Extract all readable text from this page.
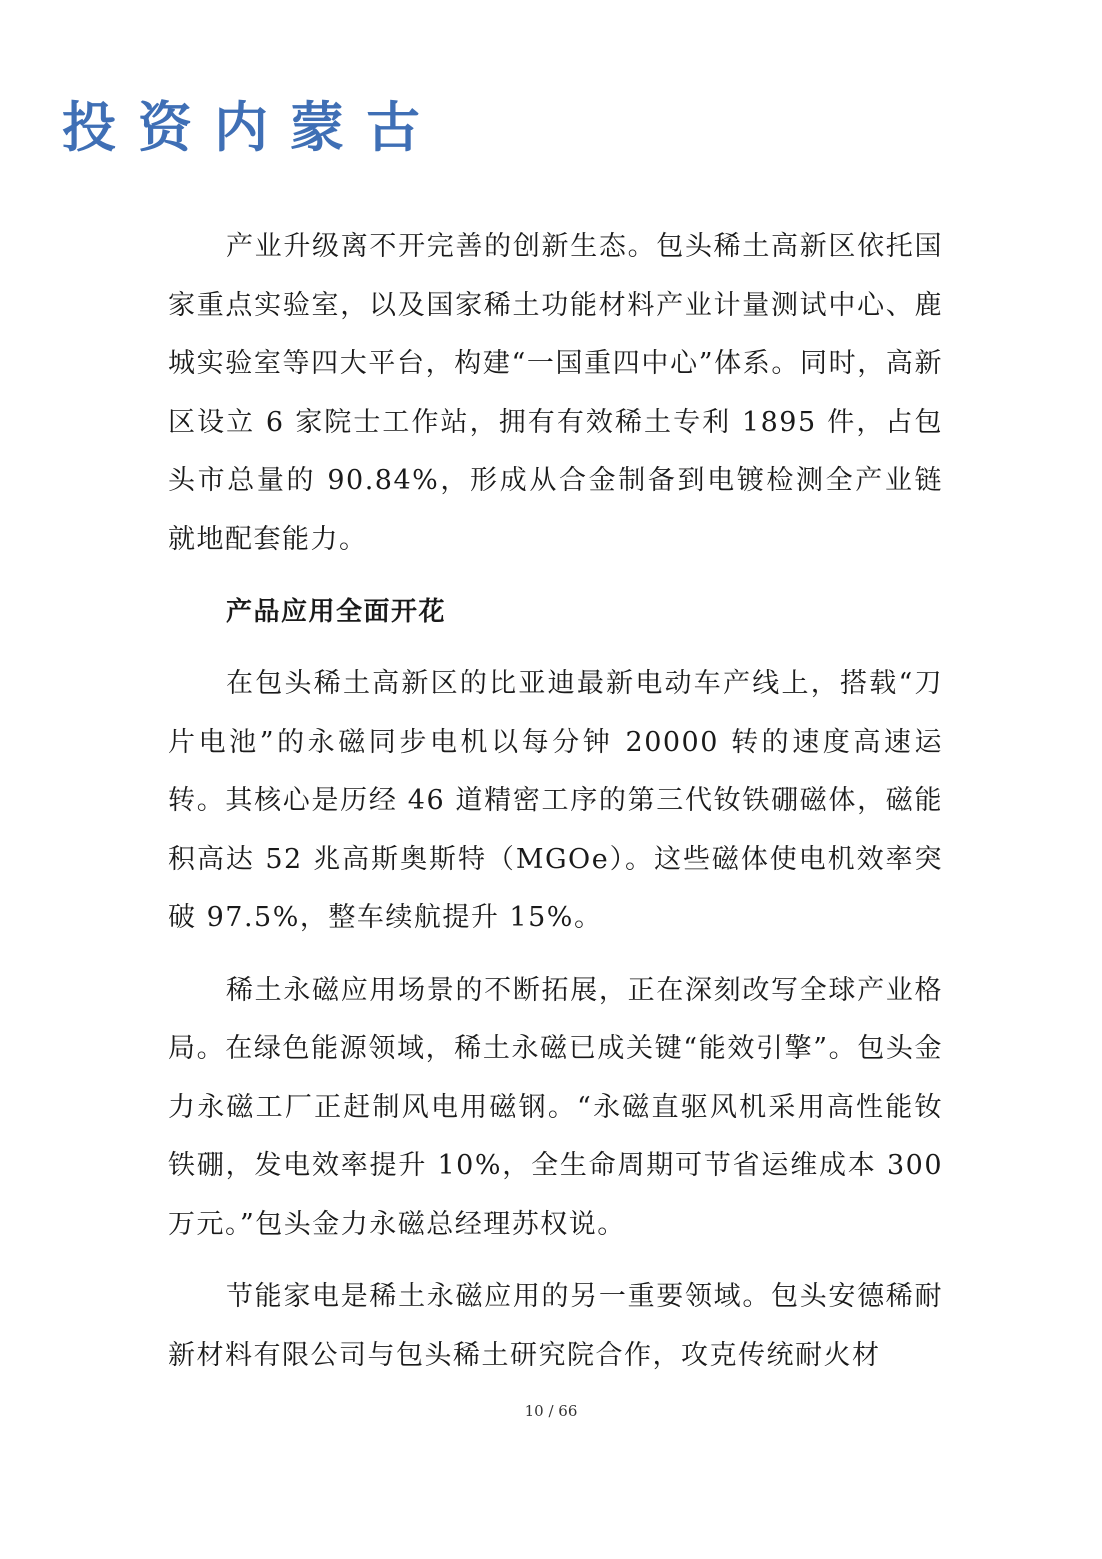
投资内蒙古

产业升级离不开完善的创新生态。包头稀土高新区依托国家重点实验室，以及国家稀土功能材料产业计量测试中心、鹿城实验室等四大平台，构建“一国重四中心”体系。同时，高新区设立 6 家院士工作站，拥有有效稀土专利 1895 件，占包头市总量的 90.84%，形成从合金制备到电镀检测全产业链就地配套能力。

产品应用全面开花

在包头稀土高新区的比亚迪最新电动车产线上，搭载“刀片电池”的永磁同步电机以每分钟 20000 转的速度高速运转。其核心是历经 46 道精密工序的第三代钕铁硼磁体，磁能积高达 52 兆高斯奥斯特（MGOe）。这些磁体使电机效率突破 97.5%，整车续航提升 15%。

稀土永磁应用场景的不断拓展，正在深刻改写全球产业格局。在绿色能源领域，稀土永磁已成关键“能效引擎”。包头金力永磁工厂正赶制风电用磁钢。“永磁直驱风机采用高性能钕铁硼，发电效率提升 10%，全生命周期可节省运维成本 300 万元。”包头金力永磁总经理苏权说。

节能家电是稀土永磁应用的另一重要领域。包头安德稀耐新材料有限公司与包头稀土研究院合作，攻克传统耐火材

10 / 66
